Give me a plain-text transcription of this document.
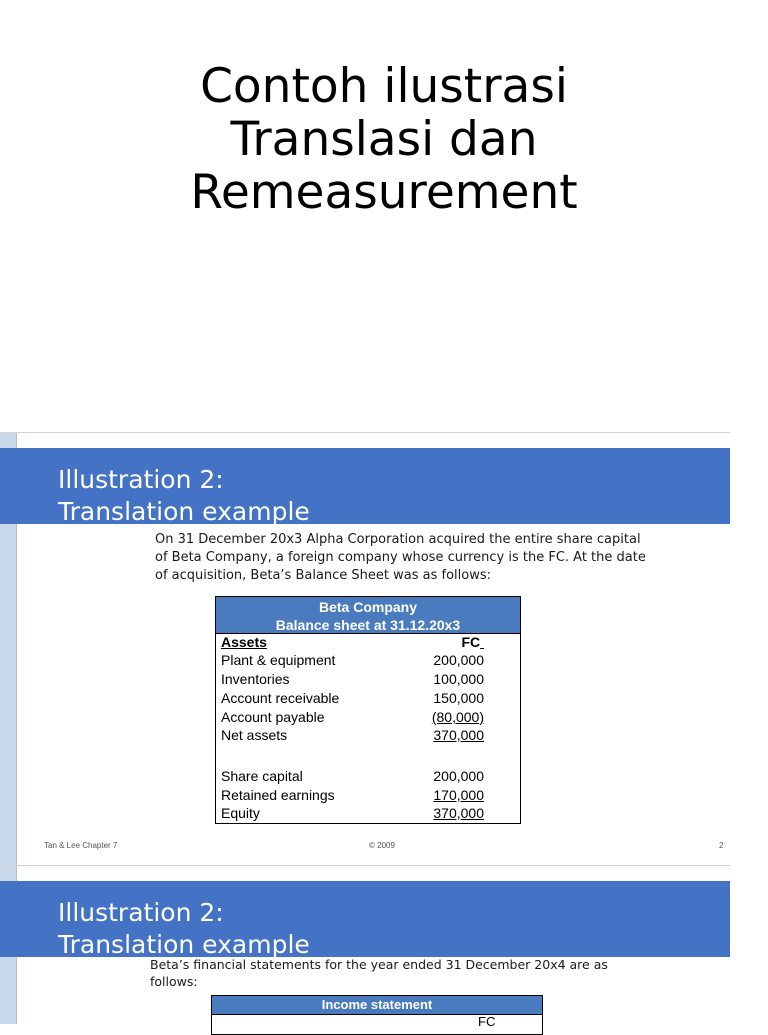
Contoh ilustrasi
Translasi dan
Remeasurement
Illustration 2:
Translation example
On 31 December 20x3 Alpha Corporation acquired the entire share capital
of Beta Company, a foreign company whose currency is the FC. At the date
of acquisition, Beta’s Balance Sheet was as follows:
Beta Company
Balance sheet at 31.12.20x3
Assets	FC
Plant & equipment	200,000
Inventories	100,000
Account receivable	150,000
Account payable	(80,000)
Net assets	370,000
Share capital	200,000
Retained earnings	170,000
Equity	370,000
Tan & Lee Chapter 7	© 2009	2
Illustration 2:
Translation example
Beta’s financial statements for the year ended 31 December 20x4 are as
follows:
Income statement
FC
